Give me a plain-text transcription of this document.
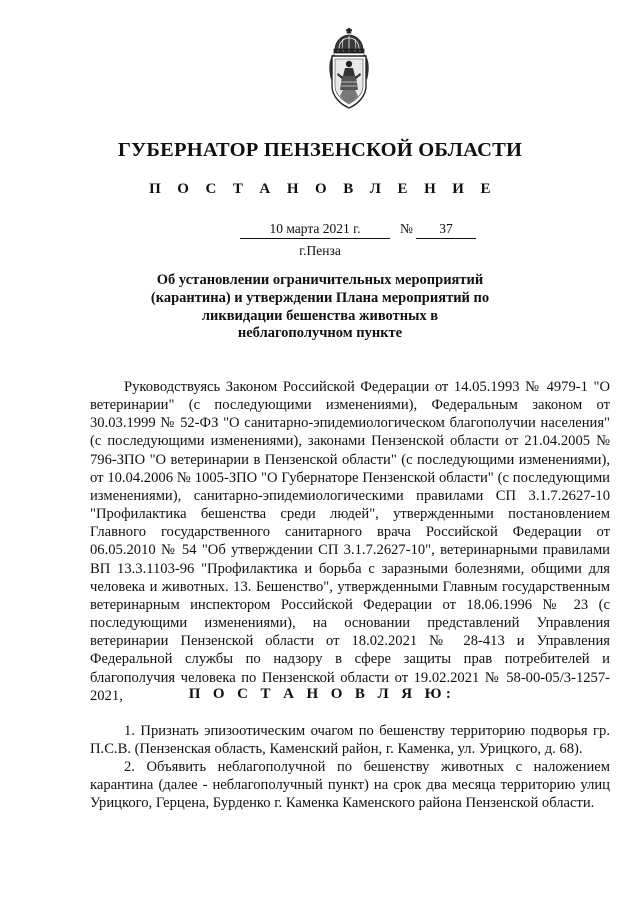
ГУБЕРНАТОР ПЕНЗЕНСКОЙ ОБЛАСТИ
П О С Т А Н О В Л Е Н И Е
10 марта 2021 г.	№	37
г.Пенза
Об установлении ограничительных мероприятий (карантина) и утверждении Плана мероприятий по ликвидации бешенства животных в неблагополучном пункте

Руководствуясь Законом Российской Федерации от 14.05.1993 № 4979-1 "О ветеринарии" (с последующими изменениями), Федеральным законом от 30.03.1999 № 52-ФЗ "О санитарно-эпидемиологическом благополучии населения" (с последующими изменениями), законами Пензенской области от 21.04.2005 № 796-ЗПО "О ветеринарии в Пензенской области" (с последующими изменениями), от 10.04.2006 № 1005-ЗПО "О Губернаторе Пензенской области" (с последующими изменениями), санитарно-эпидемиологическими правилами СП 3.1.7.2627-10 "Профилактика бешенства среди людей", утвержденными постановлением Главного государственного санитарного врача Российской Федерации от 06.05.2010 № 54 "Об утверждении СП 3.1.7.2627-10", ветеринарными правилами ВП 13.3.1103-96 "Профилактика и борьба с заразными болезнями, общими для человека и животных. 13. Бешенство", утвержденными Главным государственным ветеринарным инспектором Российской Федерации от 18.06.1996 № 23 (с последующими изменениями), на основании представлений Управления ветеринарии Пензенской области от 18.02.2021 № 28-413 и Управления Федеральной службы по надзору в сфере защиты прав потребителей и благополучия человека по Пензенской области от 19.02.2021 № 58-00-05/3-1257-2021,	П О С Т А Н О В Л Я Ю:

1. Признать эпизоотическим очагом по бешенству территорию подворья гр. П.С.В. (Пензенская область, Каменский район, г. Каменка, ул. Урицкого, д. 68).

2. Объявить неблагополучной по бешенству животных с наложением карантина (далее - неблагополучный пункт) на срок два месяца территорию улиц Урицкого, Герцена, Бурденко г. Каменка Каменского района Пензенской области.
